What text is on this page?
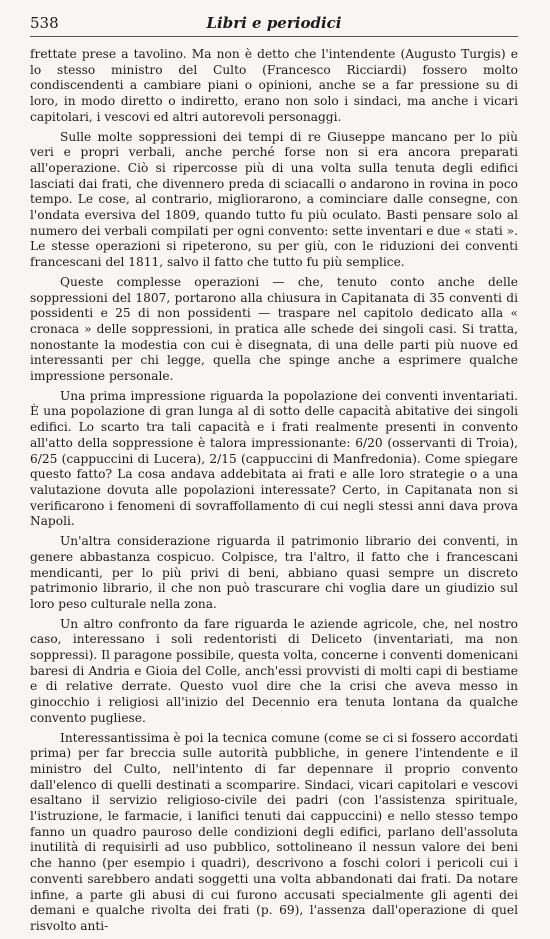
538	Libri e periodici

frettate prese a tavolino. Ma non è detto che l'intendente (Augusto Turgis) e lo stesso ministro del Culto (Francesco Ricciardi) fossero molto condiscendenti a cambiare piani o opinioni, anche se a far pressione su di loro, in modo diretto o indiretto, erano non solo i sindaci, ma anche i vicari capitolari, i vescovi ed altri autorevoli personaggi.

Sulle molte soppressioni dei tempi di re Giuseppe mancano per lo più veri e propri verbali, anche perché forse non si era ancora preparati all'operazione. Ciò si ripercosse più di una volta sulla tenuta degli edifici lasciati dai frati, che divennero preda di sciacalli o andarono in rovina in poco tempo. Le cose, al contrario, migliorarono, a cominciare dalle consegne, con l'ondata eversiva del 1809, quando tutto fu più oculato. Basti pensare solo al numero dei verbali compilati per ogni convento: sette inventari e due « stati ». Le stesse operazioni si ripeterono, su per giù, con le riduzioni dei conventi francescani del 1811, salvo il fatto che tutto fu più semplice.

Queste complesse operazioni — che, tenuto conto anche delle soppressioni del 1807, portarono alla chiusura in Capitanata di 35 conventi di possidenti e 25 di non possidenti — traspare nel capitolo dedicato alla « cronaca » delle soppressioni, in pratica alle schede dei singoli casi. Si tratta, nonostante la modestia con cui è disegnata, di una delle parti più nuove ed interessanti per chi legge, quella che spinge anche a esprimere qualche impressione personale.

Una prima impressione riguarda la popolazione dei conventi inventariati. È una popolazione di gran lunga al di sotto delle capacità abitative dei singoli edifici. Lo scarto tra tali capacità e i frati realmente presenti in convento all'atto della soppressione è talora impressionante: 6/20 (osservanti di Troia), 6/25 (cappuccini di Lucera), 2/15 (cappuccini di Manfredonia). Come spiegare questo fatto? La cosa andava addebitata ai frati e alle loro strategie o a una valutazione dovuta alle popolazioni interessate? Certo, in Capitanata non si verificarono i fenomeni di sovraffollamento di cui negli stessi anni dava prova Napoli.

Un'altra considerazione riguarda il patrimonio librario dei conventi, in genere abbastanza cospicuo. Colpisce, tra l'altro, il fatto che i francescani mendicanti, per lo più privi di beni, abbiano quasi sempre un discreto patrimonio librario, il che non può trascurare chi voglia dare un giudizio sul loro peso culturale nella zona.

Un altro confronto da fare riguarda le aziende agricole, che, nel nostro caso, interessano i soli redentoristi di Deliceto (inventariati, ma non soppressi). Il paragone possibile, questa volta, concerne i conventi domenicani baresi di Andria e Gioia del Colle, anch'essi provvisti di molti capi di bestiame e di relative derrate. Questo vuol dire che la crisi che aveva messo in ginocchio i religiosi all'inizio del Decennio era tenuta lontana da qualche convento pugliese.

Interessantissima è poi la tecnica comune (come se ci si fossero accordati prima) per far breccia sulle autorità pubbliche, in genere l'intendente e il ministro del Culto, nell'intento di far depennare il proprio convento dall'elenco di quelli destinati a scomparire. Sindaci, vicari capitolari e vescovi esaltano il servizio religioso-civile dei padri (con l'assistenza spirituale, l'istruzione, le farmacie, i lanifici tenuti dai cappuccini) e nello stesso tempo fanno un quadro pauroso delle condizioni degli edifici, parlano dell'assoluta inutilità di requisirli ad uso pubblico, sottolineano il nessun valore dei beni che hanno (per esempio i quadri), descrivono a foschi colori i pericoli cui i conventi sarebbero andati soggetti una volta abbandonati dai frati. Da notare infine, a parte gli abusi di cui furono accusati specialmente gli agenti dei demani e qualche rivolta dei frati (p. 69), l'assenza dall'operazione di quel risvolto anti-
